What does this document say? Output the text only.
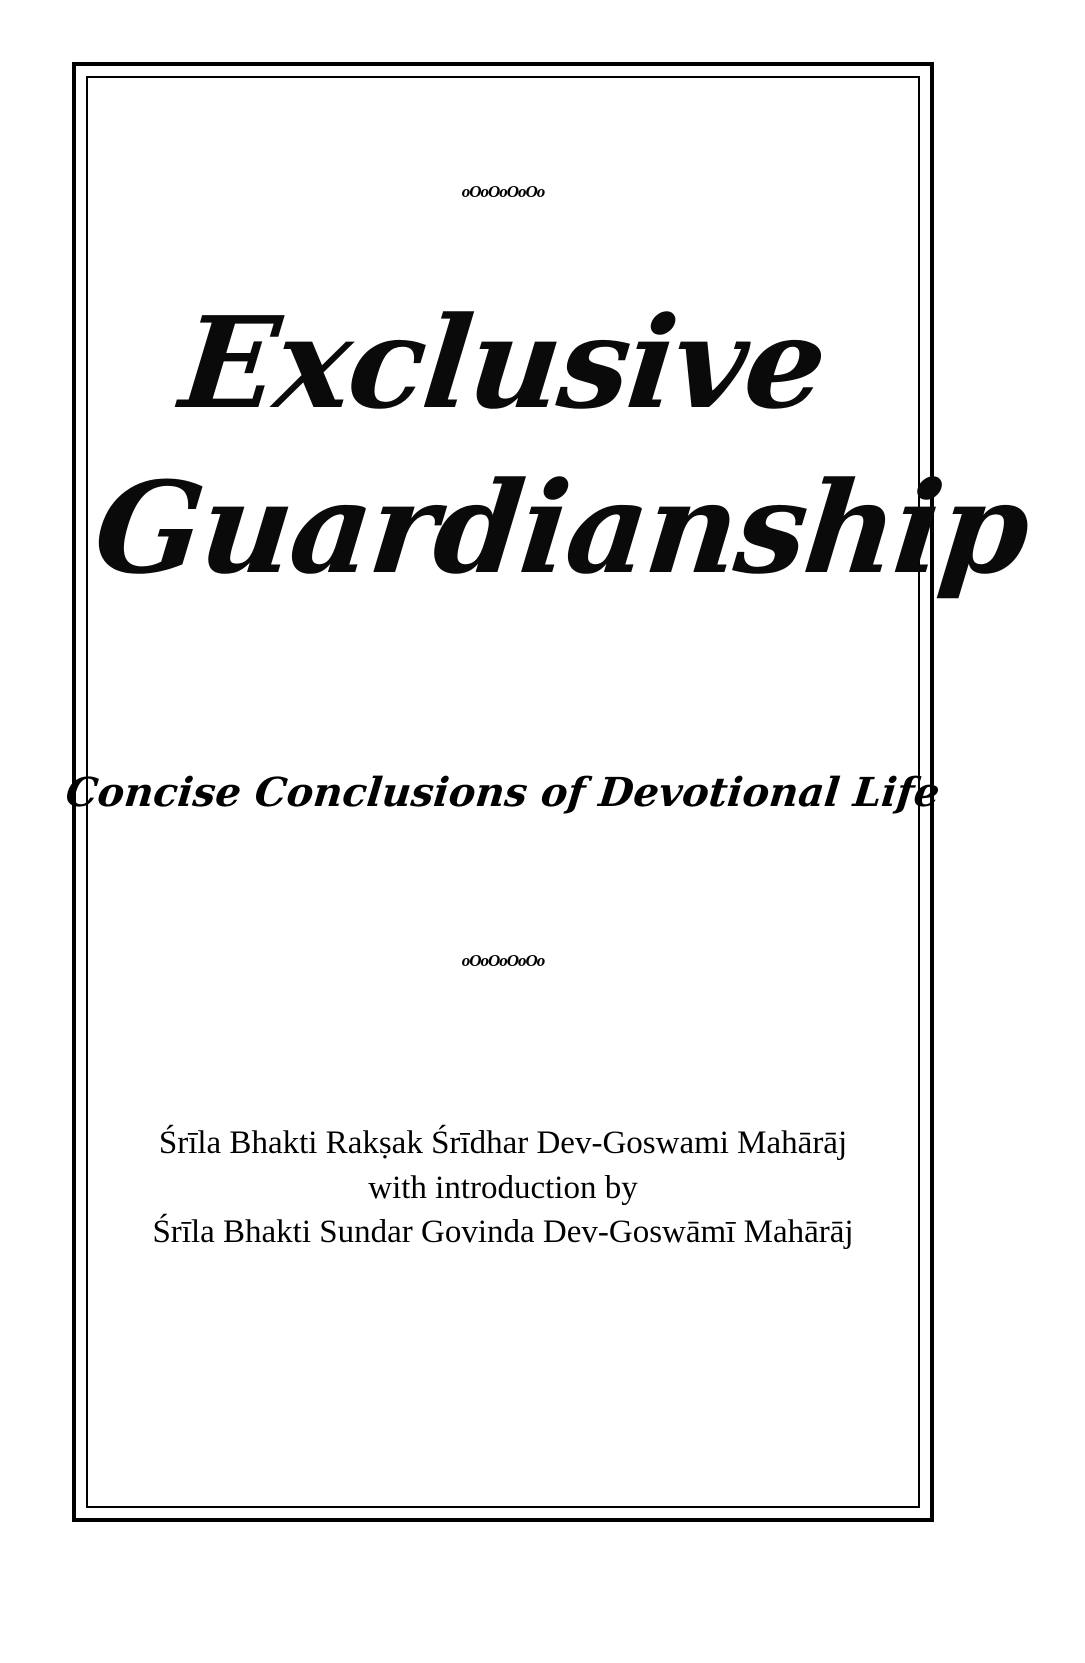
oOoOoOoOo
Exclusive
Guardianship
Concise Conclusions of Devotional Life
oOoOoOoOo
Śrīla Bhakti Rakṣak Śrīdhar Dev-Goswami Mahārāj
with introduction by
Śrīla Bhakti Sundar Govinda Dev-Goswāmī Mahārāj
